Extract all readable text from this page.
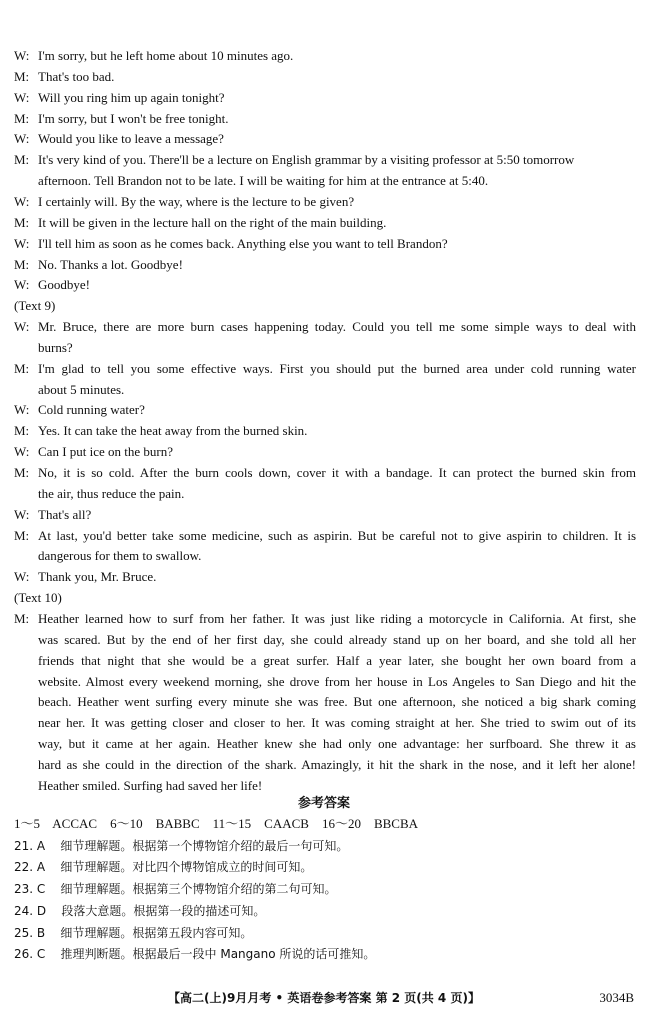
W: I'm sorry, but he left home about 10 minutes ago.
M: That's too bad.
W: Will you ring him up again tonight?
M: I'm sorry, but I won't be free tonight.
W: Would you like to leave a message?
M: It's very kind of you. There'll be a lecture on English grammar by a visiting professor at 5:50 tomorrow
afternoon. Tell Brandon not to be late. I will be waiting for him at the entrance at 5:40.
W: I certainly will. By the way, where is the lecture to be given?
M: It will be given in the lecture hall on the right of the main building.
W: I'll tell him as soon as he comes back. Anything else you want to tell Brandon?
M: No. Thanks a lot. Goodbye!
W: Goodbye!
(Text 9)
W: Mr. Bruce, there are more burn cases happening today. Could you tell me some simple ways to deal with
burns?
M: I'm glad to tell you some effective ways. First you should put the burned area under cold running water
about 5 minutes.
W: Cold running water?
M: Yes. It can take the heat away from the burned skin.
W: Can I put ice on the burn?
M: No, it is so cold. After the burn cools down, cover it with a bandage. It can protect the burned skin from
the air, thus reduce the pain.
W: That's all?
M: At last, you'd better take some medicine, such as aspirin. But be careful not to give aspirin to children. It is
dangerous for them to swallow.
W: Thank you, Mr. Bruce.
(Text 10)
M: Heather learned how to surf from her father. It was just like riding a motorcycle in California. At first, she
was scared. But by the end of her first day, she could already stand up on her board, and she told all her
friends that night that she would be a great surfer. Half a year later, she bought her own board from a
website. Almost every weekend morning, she drove from her house in Los Angeles to San Diego and hit the
beach. Heather went surfing every minute she was free. But one afternoon, she noticed a big shark coming
near her. It was getting closer and closer to her. It was coming straight at her. She tried to swim out of its
way, but it came at her again. Heather knew she had only one advantage: her surfboard. She threw it as
hard as she could in the direction of the shark. Amazingly, it hit the shark in the nose, and it left her alone!
Heather smiled. Surfing had saved her life!
参考答案
1～5    ACCAC    6～10    BABBC    11～15    CAACB    16～20    BBCBA
21. A    细节理解题。根据第一个博物馆介绍的最后一句可知。
22. A    细节理解题。对比四个博物馆成立的时间可知。
23. C    细节理解题。根据第三个博物馆介绍的第二句可知。
24. D    段落大意题。根据第一段的描述可知。
25. B    细节理解题。根据第五段内容可知。
26. C    推理判断题。根据最后一段中 Mangano 所说的话可推知。
【高二(上)9月月考 • 英语卷参考答案 第 2 页(共 4 页)】	3034B
